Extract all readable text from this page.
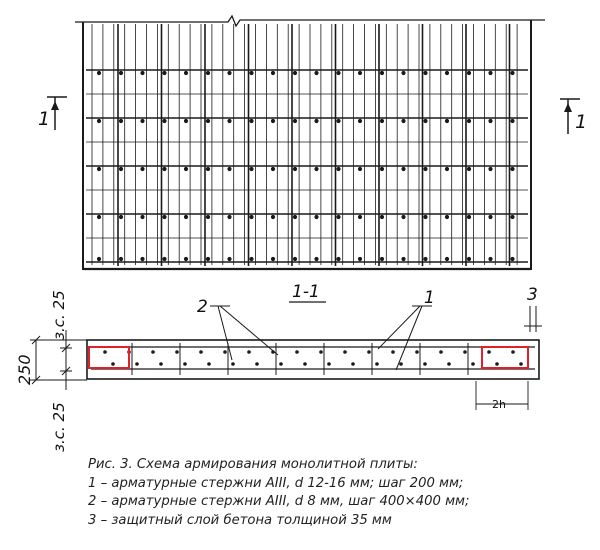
1	1
1-1
2	1	3
250
з.с. 25
з.с. 25	2h
Рис. 3. Схема армирования монолитной плиты:
1 – арматурные стержни AIII, d 12-16 мм; шаг 200 мм;
2 – арматурные стержни AIII, d 8 мм, шаг 400×400 мм;
3 – защитный слой бетона толщиной 35 мм
